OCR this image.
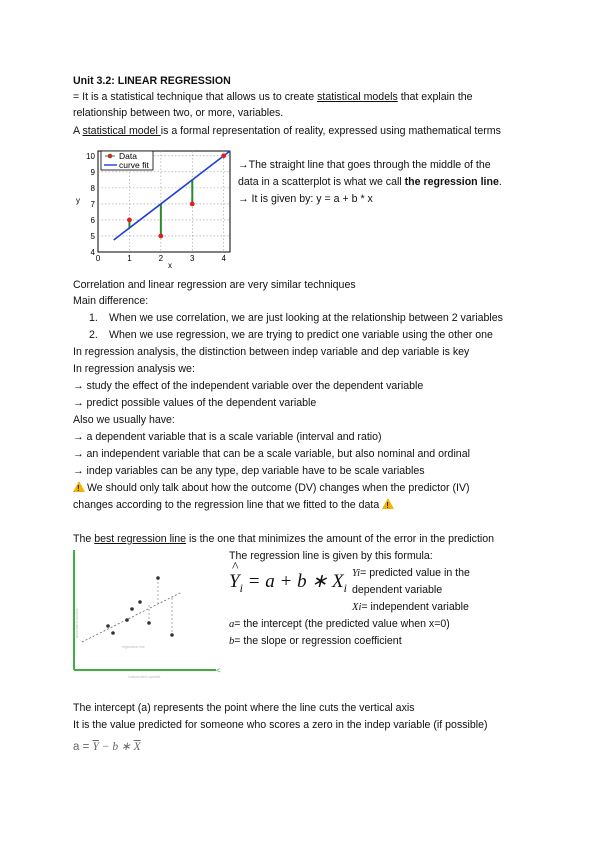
Unit 3.2: LINEAR REGRESSION
= It is a statistical technique that allows us to create statistical models that explain the
relationship between two, or more, variables.
A statistical model is a formal representation of reality, expressed using mathematical terms
4
5
6
7
8
9
10
0	1	2	3	4
Data
curve fit
x
y
→The straight line that goes through the middle of the
data in a scatterplot is what we call the regression line.
→ It is given by: y = a + b * x
Correlation and linear regression are very similar techniques
Main difference:
1. When we use correlation, we are just looking at the relationship between 2 variables
2. When we use regression, we are trying to predict one variable using the other one
In regression analysis, the distinction between indep variable and dep variable is key
In regression analysis we:
→ study the effect of the independent variable over the dependent variable
→ predict possible values of the dependent variable
Also we usually have:
→ a dependent variable that is a scale variable (interval and ratio)
→ an independent variable that can be a scale variable, but also nominal and ordinal
→ indep variables can be any type, dep variable have to be scale variables
!We should only talk about how the outcome (DV) changes when the predictor (IV)
changes according to the regression line that we fitted to the data !
The best regression line is the one that minimizes the amount of the error in the prediction
<
regression line
dependent variable
independent variable
The regression line is given by this formula:
Y
^
$_i$ = a + b ∗ $X_i$
Yi= predicted value in the
dependent variable
Xi= independent variable
a= the intercept (the predicted value when x=0)
b= the slope or regression coefficient
The intercept (a) represents the point where the line cuts the vertical axis
It is the value predicted for someone who scores a zero in the indep variable (if possible)
$a = \overline{Y} - b$ ∗ $\overline{X}$
